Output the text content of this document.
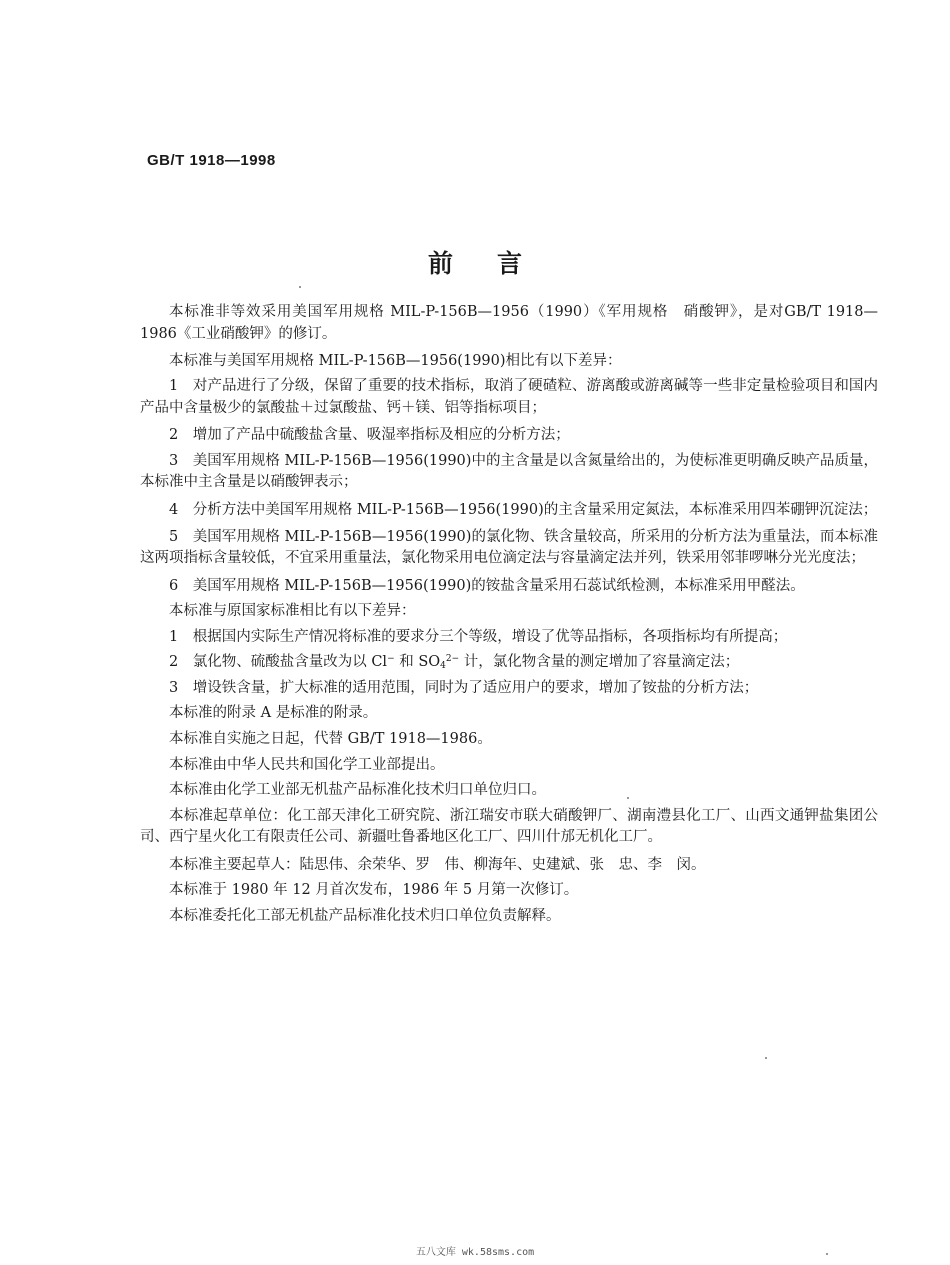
GB/T 1918—1998
前言

本标准非等效采用美国军用规格 MIL-P-156B—1956（1990）《军用规格　硝酸钾》，是对GB/T 1918—1986《工业硝酸钾》的修订。

本标准与美国军用规格 MIL-P-156B—1956(1990)相比有以下差异：

1　对产品进行了分级，保留了重要的技术指标，取消了硬碴粒、游离酸或游离碱等一些非定量检验项目和国内产品中含量极少的氯酸盐＋过氯酸盐、钙＋镁、铝等指标项目；

2　增加了产品中硫酸盐含量、吸湿率指标及相应的分析方法；

3　美国军用规格 MIL-P-156B—1956(1990)中的主含量是以含氮量给出的，为使标准更明确反映产品质量，本标准中主含量是以硝酸钾表示；

4　分析方法中美国军用规格 MIL-P-156B—1956(1990)的主含量采用定氮法，本标准采用四苯硼钾沉淀法；

5　美国军用规格 MIL-P-156B—1956(1990)的氯化物、铁含量较高，所采用的分析方法为重量法，而本标准这两项指标含量较低，不宜采用重量法，氯化物采用电位滴定法与容量滴定法并列，铁采用邻菲啰啉分光光度法；

6　美国军用规格 MIL-P-156B—1956(1990)的铵盐含量采用石蕊试纸检测，本标准采用甲醛法。

本标准与原国家标准相比有以下差异：

1　根据国内实际生产情况将标准的要求分三个等级，增设了优等品指标，各项指标均有所提高；

2　氯化物、硫酸盐含量改为以 Cl− 和 $SO_4^{2-}$ 计，氯化物含量的测定增加了容量滴定法；

3　增设铁含量，扩大标准的适用范围，同时为了适应用户的要求，增加了铵盐的分析方法；

本标准的附录 A 是标准的附录。

本标准自实施之日起，代替 GB/T 1918—1986。

本标准由中华人民共和国化学工业部提出。

本标准由化学工业部无机盐产品标准化技术归口单位归口。

本标准起草单位：化工部天津化工研究院、浙江瑞安市联大硝酸钾厂、湖南澧县化工厂、山西文通钾盐集团公司、西宁星火化工有限责任公司、新疆吐鲁番地区化工厂、四川什邡无机化工厂。

本标准主要起草人：陆思伟、余荣华、罗　伟、柳海年、史建斌、张　忠、李　闵。

本标准于 1980 年 12 月首次发布，1986 年 5 月第一次修订。

本标准委托化工部无机盐产品标准化技术归口单位负责解释。

五八文库 wk.58sms.com
